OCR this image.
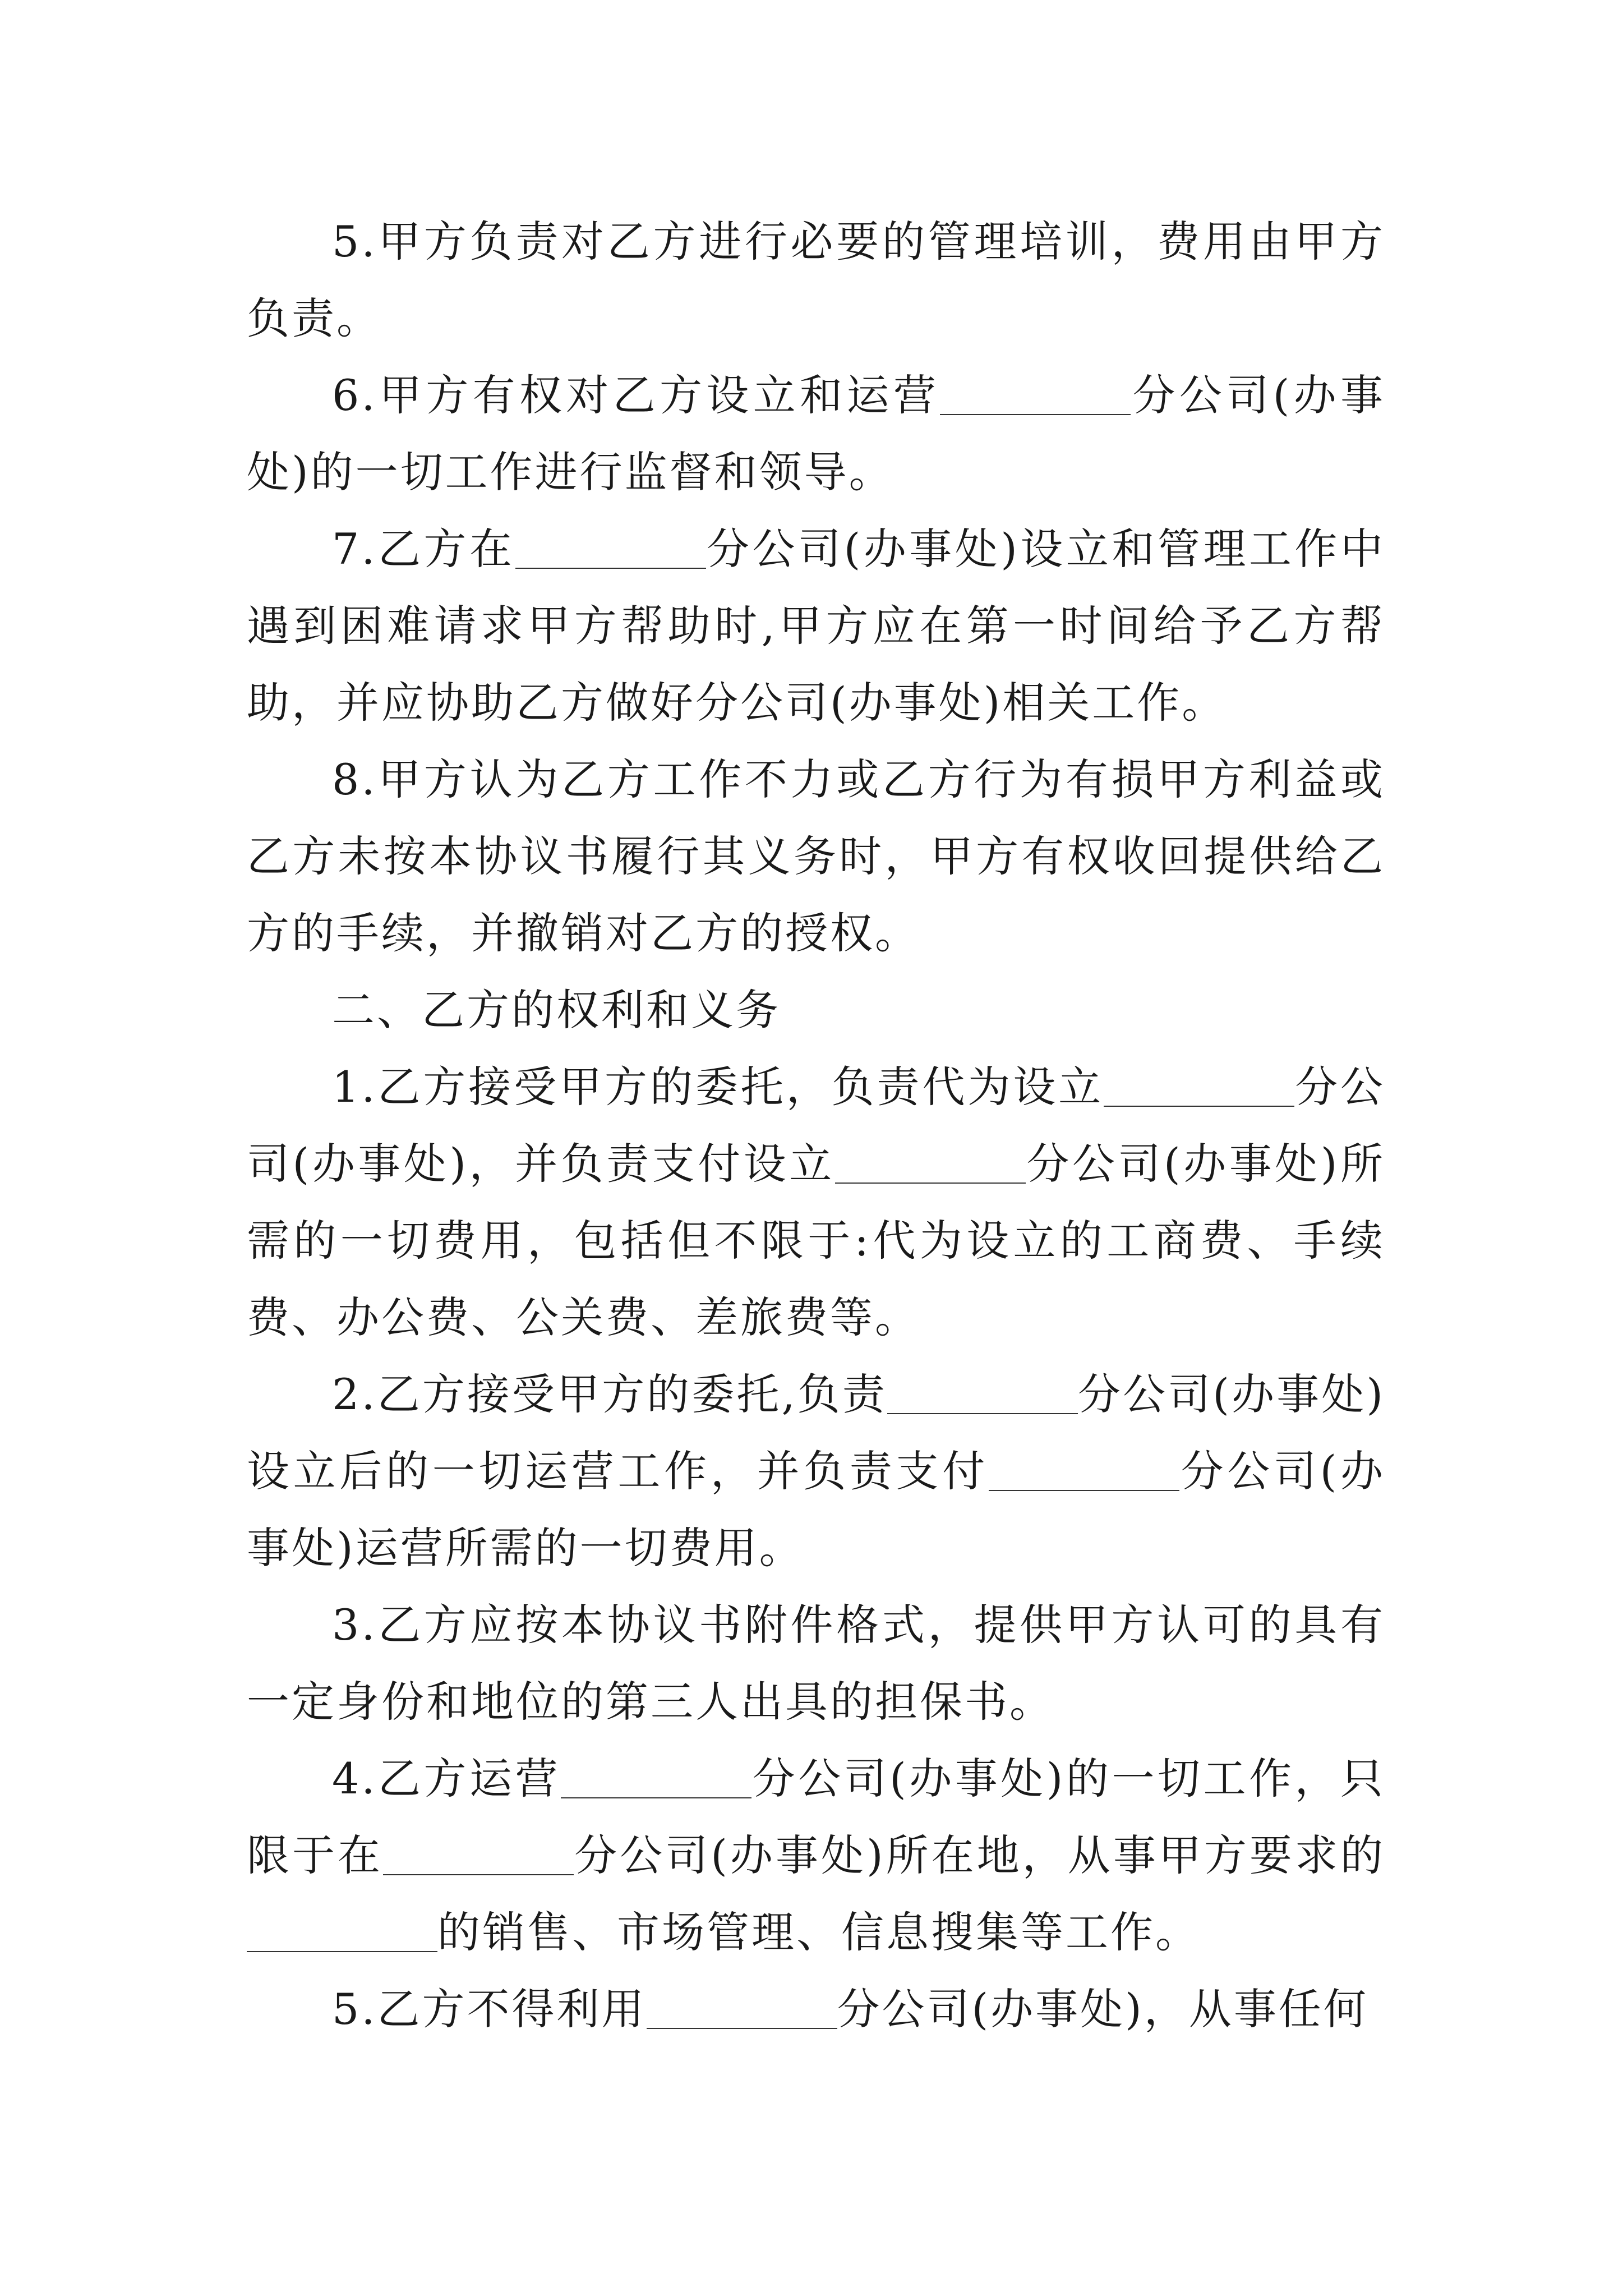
5.甲方负责对乙方进行必要的管理培训，费用由甲方负责。

6.甲方有权对乙方设立和运营	分公司(办事处)的一切工作进行监督和领导。

7.乙方在	分公司(办事处)设立和管理工作中遇到困难请求甲方帮助时,甲方应在第一时间给予乙方帮助，并应协助乙方做好分公司(办事处)相关工作。

8.甲方认为乙方工作不力或乙方行为有损甲方利益或乙方未按本协议书履行其义务时，甲方有权收回提供给乙方的手续，并撤销对乙方的授权。

二、乙方的权利和义务

1.乙方接受甲方的委托，负责代为设立	分公司(办事处)，并负责支付设立	分公司(办事处)所需的一切费用，包括但不限于:代为设立的工商费、手续费、办公费、公关费、差旅费等。

2.乙方接受甲方的委托,负责	分公司(办事处)设立后的一切运营工作，并负责支付	分公司(办事处)运营所需的一切费用。

3.乙方应按本协议书附件格式，提供甲方认可的具有一定身份和地位的第三人出具的担保书。

4.乙方运营	分公司(办事处)的一切工作，只限于在	分公司(办事处)所在地，从事甲方要求的的销售、市场管理、信息搜集等工作。

5.乙方不得利用	分公司(办事处)，从事任何
